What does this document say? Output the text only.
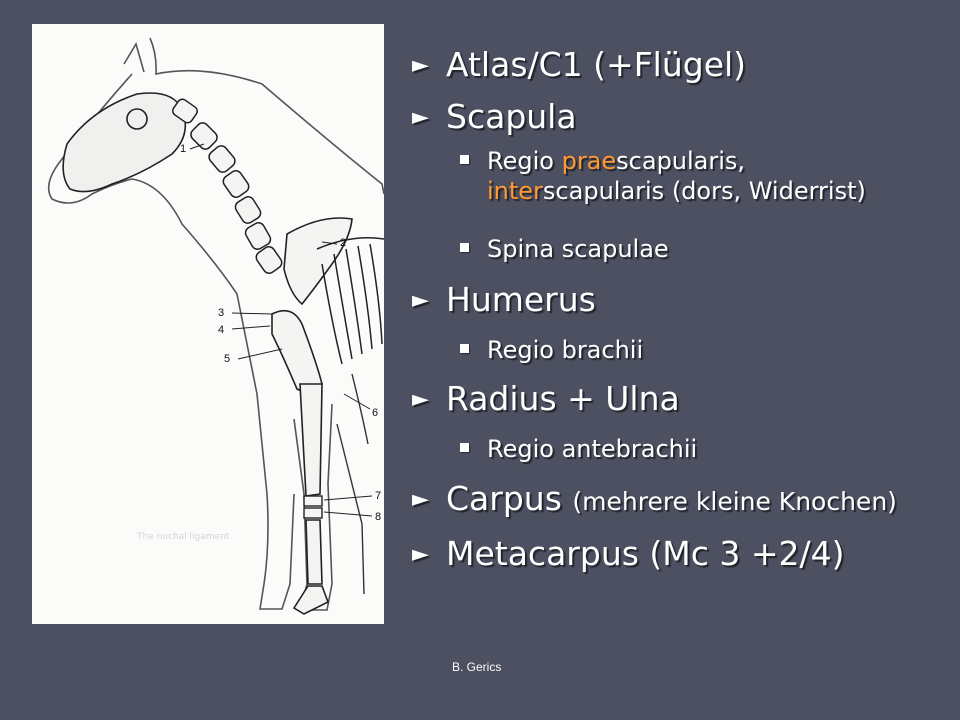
The nuchal ligament
1
2
3
4
5
6
7
8
► Atlas/C1 (+Flügel)
► Scapula
Regio praescapularis,
interscapularis (dors, Widerrist)
Spina scapulae
► Humerus
Regio brachii
► Radius + Ulna
Regio antebrachii
► Carpus (mehrere kleine Knochen)
► Metacarpus (Mc 3 +2/4)
B. Gerics
